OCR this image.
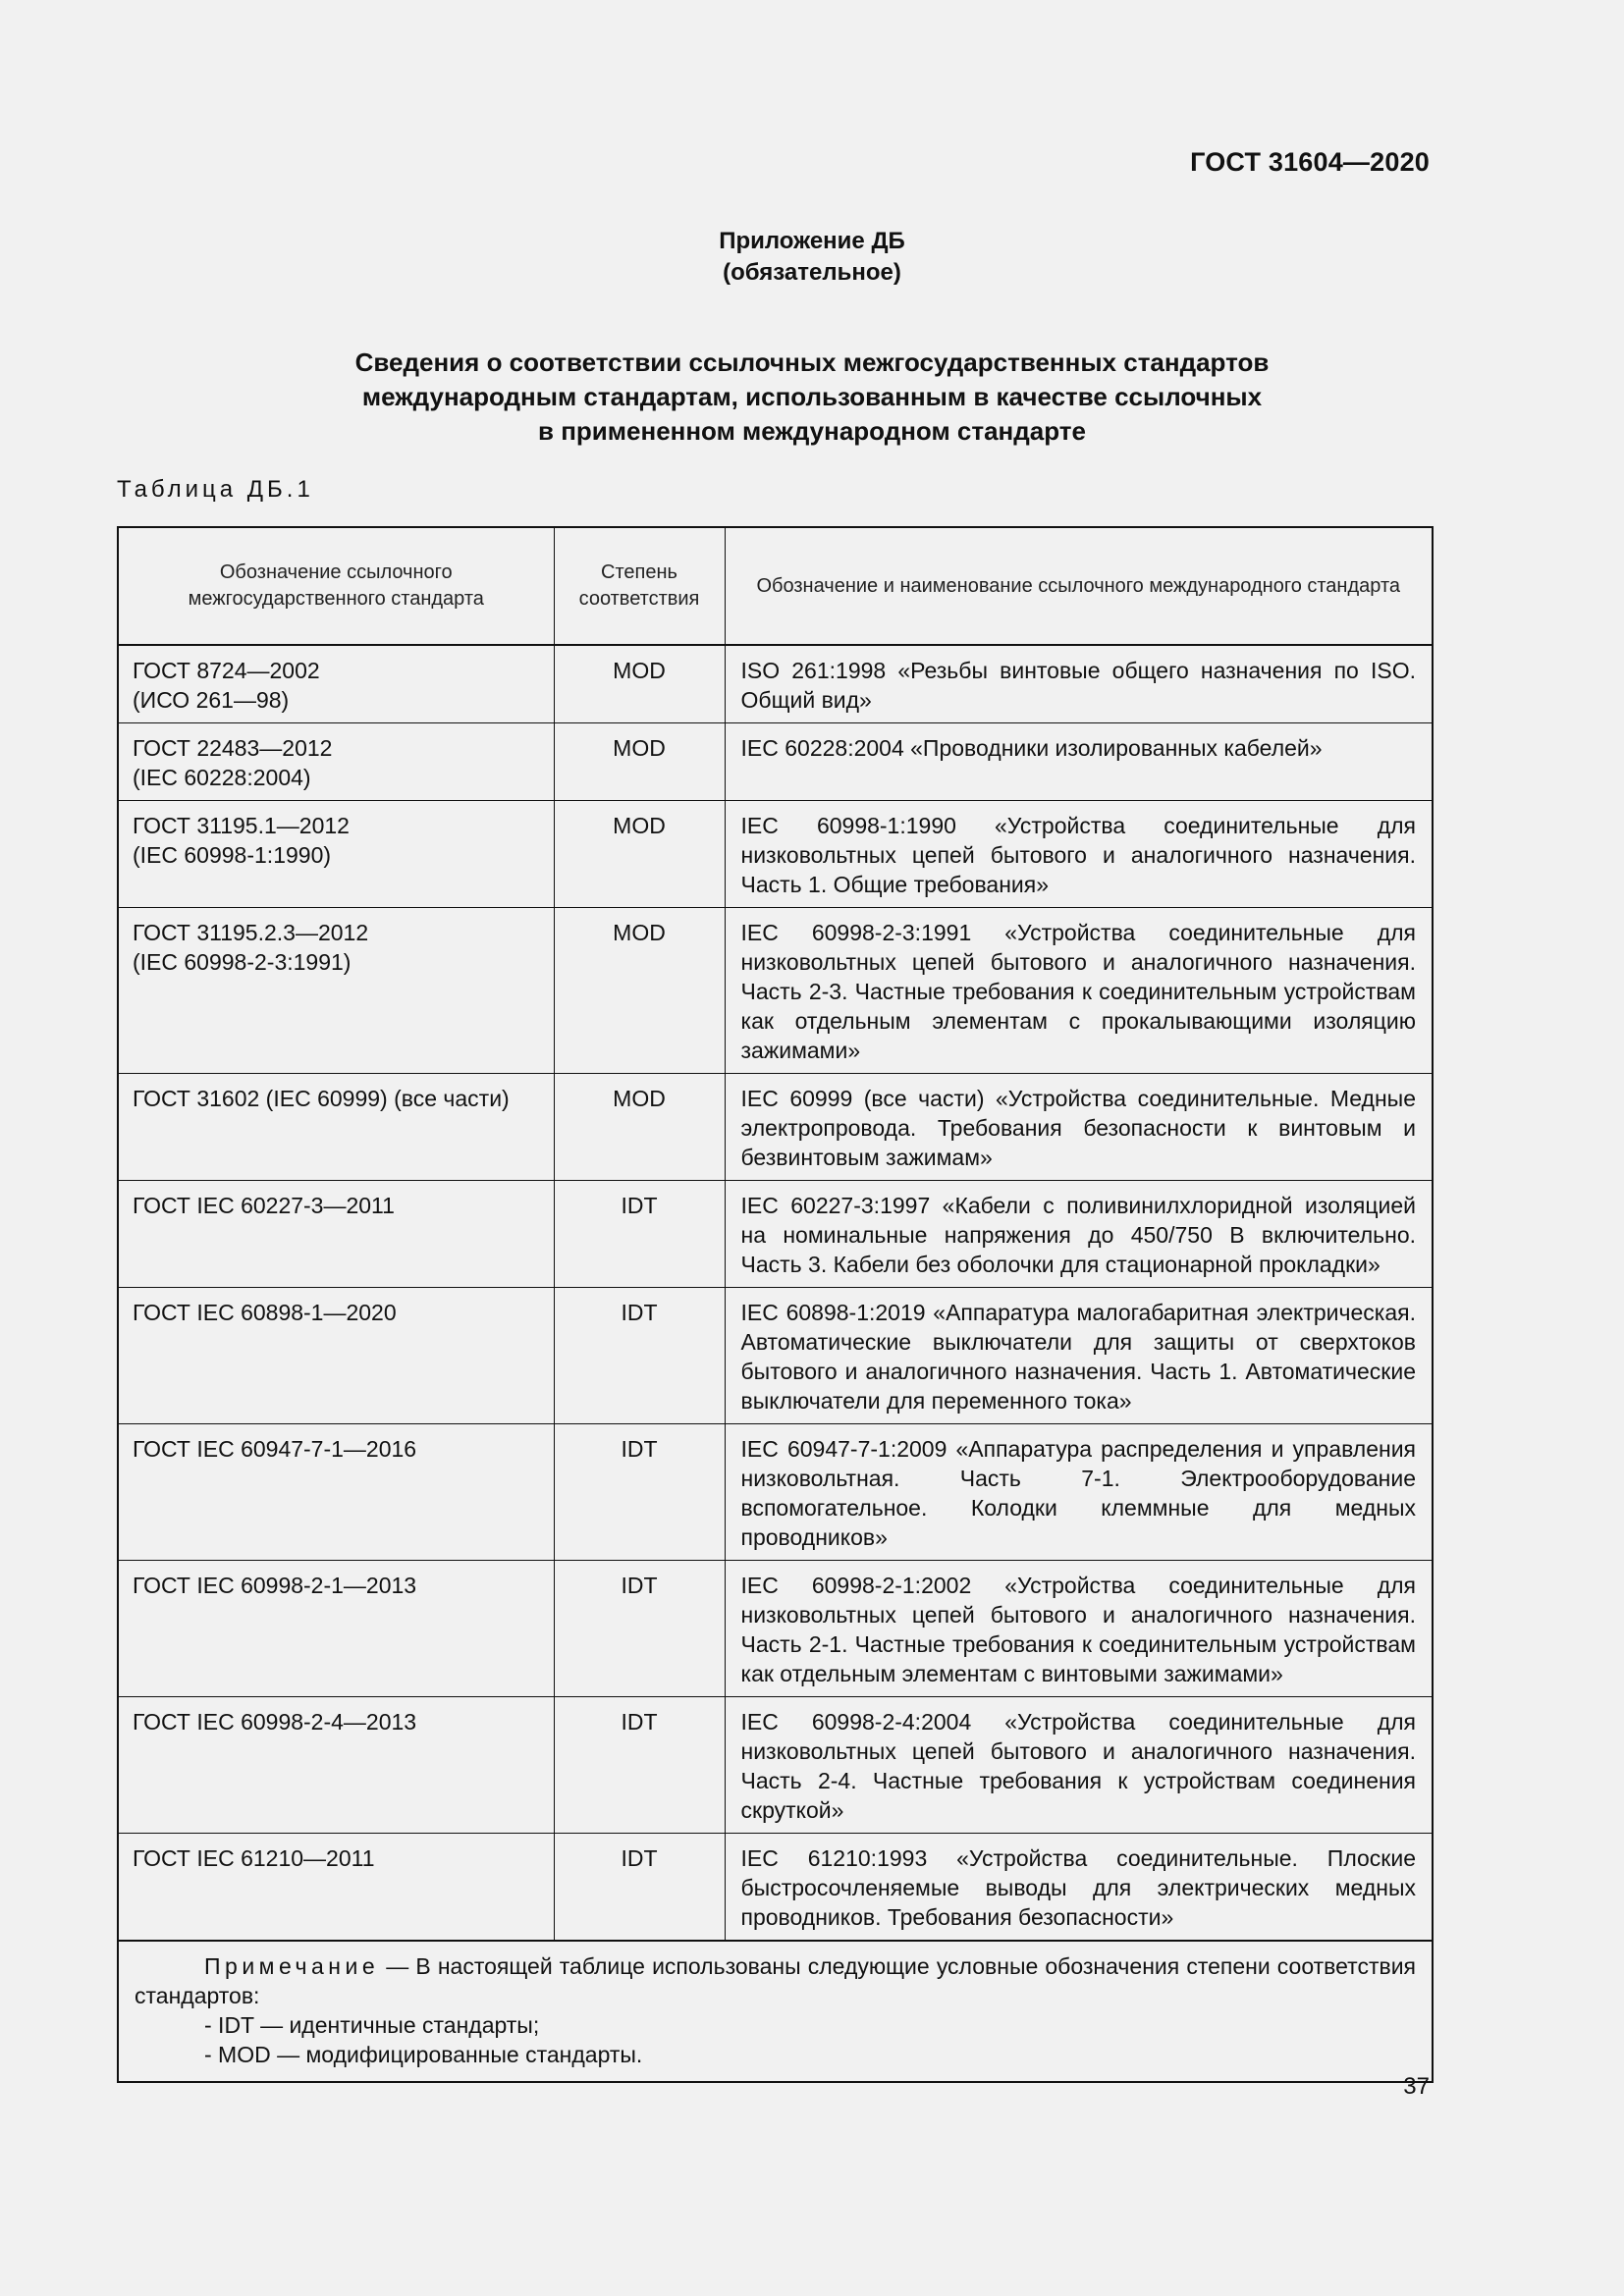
ГОСТ 31604—2020
Приложение ДБ
(обязательное)
Сведения о соответствии ссылочных межгосударственных стандартов
международным стандартам, использованным в качестве ссылочных
в примененном международном стандарте
Таблица ДБ.1
Обозначение ссылочного межгосударственного стандарта	Степень соответствия	Обозначение и наименование ссылочного международного стандарта

ГОСТ 8724—2002
(ИСО 261—98)	MOD	ISO 261:1998 «Резьбы винтовые общего назначения по ISO. Общий вид»

ГОСТ 22483—2012
(IEC 60228:2004)	MOD	IEC 60228:2004 «Проводники изолированных кабелей»

ГОСТ 31195.1—2012
(IEC 60998-1:1990)	MOD	IEC 60998-1:1990 «Устройства соединительные для низковольтных цепей бытового и аналогичного назначения. Часть 1. Общие требования»

ГОСТ 31195.2.3—2012
(IEC 60998-2-3:1991)	MOD	IEC 60998-2-3:1991 «Устройства соединительные для низковольтных цепей бытового и аналогичного назначения. Часть 2-3. Частные требования к соединительным устройствам как отдельным элементам с прокалывающими изоляцию зажимами»

ГОСТ 31602 (IEC 60999) (все части)	MOD	IEC 60999 (все части) «Устройства соединительные. Медные электропровода. Требования безопасности к винтовым и безвинтовым зажимам»

ГОСТ IEC 60227-3—2011	IDT	IEC 60227-3:1997 «Кабели с поливинилхлоридной изоляцией на номинальные напряжения до 450/750 В включительно. Часть 3. Кабели без оболочки для стационарной прокладки»

ГОСТ IEC 60898-1—2020	IDT	IEC 60898-1:2019 «Аппаратура малогабаритная электрическая. Автоматические выключатели для защиты от сверхтоков бытового и аналогичного назначения. Часть 1. Автоматические выключатели для переменного тока»

ГОСТ IEC 60947-7-1—2016	IDT	IEC 60947-7-1:2009 «Аппаратура распределения и управления низковольтная. Часть 7-1. Электрооборудование вспомогательное. Колодки клеммные для медных проводников»

ГОСТ IEC 60998-2-1—2013	IDT	IEC 60998-2-1:2002 «Устройства соединительные для низковольтных цепей бытового и аналогичного назначения. Часть 2-1. Частные требования к соединительным устройствам как отдельным элементам с винтовыми зажимами»

ГОСТ IEC 60998-2-4—2013	IDT	IEC 60998-2-4:2004 «Устройства соединительные для низковольтных цепей бытового и аналогичного назначения. Часть 2-4. Частные требования к устройствам соединения скруткой»

ГОСТ IEC 61210—2011	IDT	IEC 61210:1993 «Устройства соединительные. Плоские быстросочленяемые выводы для электрических медных проводников. Требования безопасности»
Примечание — В настоящей таблице использованы следующие условные обозначения степени соответствия стандартов:
- IDT — идентичные стандарты;
- MOD — модифицированные стандарты.		
37
